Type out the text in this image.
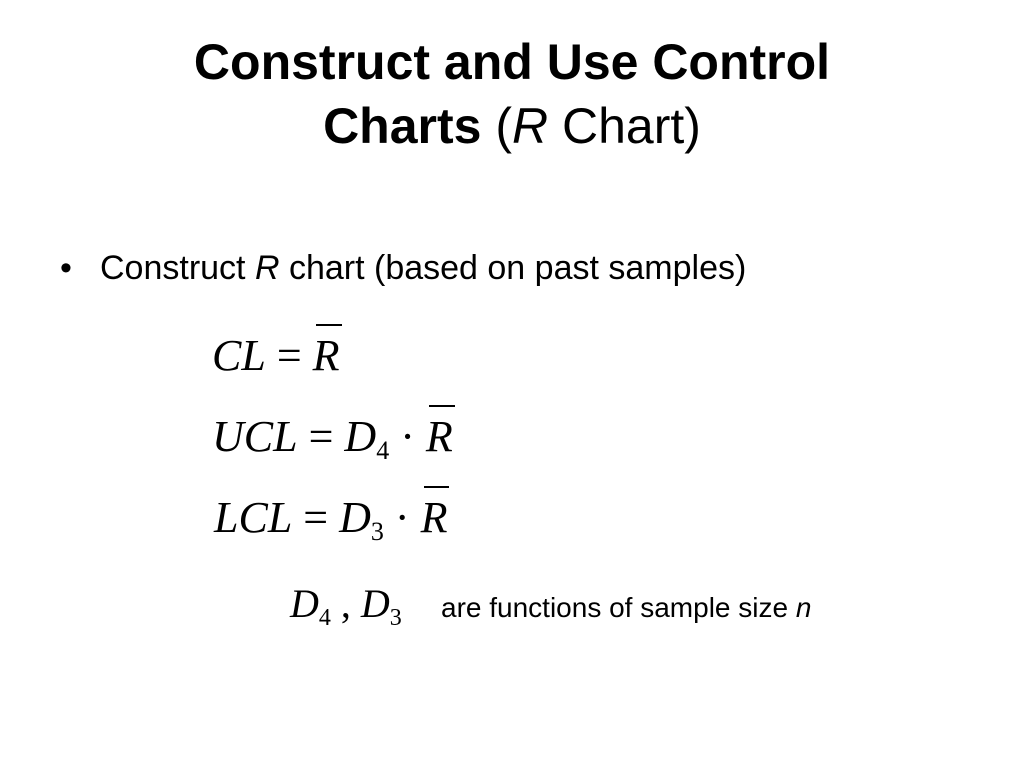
Construct and Use Control
Charts (R Chart)
• Construct R chart (based on past samples)
CL = R
UCL = $D_4 \cdot R$
LCL = $D_3 \cdot R$
$D_4$ , $D_3$ are functions of sample size n
